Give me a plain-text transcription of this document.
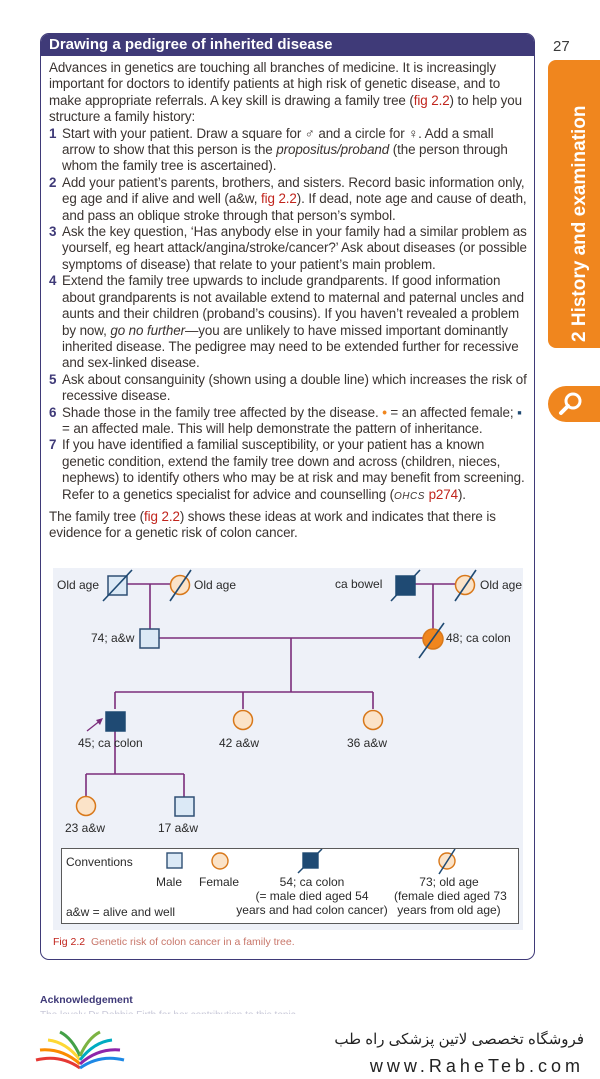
27
2 History and examination
Drawing a pedigree of inherited disease

Advances in genetics are touching all branches of medicine. It is increasingly important for doctors to identify patients at high risk of genetic disease, and to make appropriate referrals. A key skill is drawing a family tree (fig 2.2) to help you structure a family history:

1 Start with your patient. Draw a square for ♂ and a circle for ♀. Add a small arrow to show that this person is the propositus/proband (the person through whom the family tree is ascertained).
2 Add your patient’s parents, brothers, and sisters. Record basic information only, eg age and if alive and well (a&w, fig 2.2). If dead, note age and cause of death, and pass an oblique stroke through that person’s symbol.
3 Ask the key question, ‘Has anybody else in your family had a similar problem as yourself, eg heart attack/angina/stroke/cancer?’ Ask about diseases (or possible symptoms of disease) that relate to your patient’s main problem.
4 Extend the family tree upwards to include grandparents. If good information about grandparents is not available extend to maternal and paternal uncles and aunts and their children (proband’s cousins). If you haven’t revealed a problem by now, go no further—you are unlikely to have missed important dominantly inherited disease. The pedigree may need to be extended further for recessive and sex-linked disease.
5 Ask about consanguinity (shown using a double line) which increases the risk of recessive disease.
6 Shade those in the family tree affected by the disease. • = an affected female; ▪ = an affected male. This will help demonstrate the pattern of inheritance.
7 If you have identified a familial susceptibility, or your patient has a known genetic condition, extend the family tree down and across (children, nieces, nephews) to identify others who may be at risk and may benefit from screening. Refer to a genetics specialist for advice and counselling (OHCS p274).

The family tree (fig 2.2) shows these ideas at work and indicates that there is evidence for a genetic risk of colon cancer.

Old age	Old age	ca bowel	Old age
74; a&w	48; ca colon
45; ca colon	42 a&w	36 a&w
23 a&w	17 a&w
Conventions
Male Female	54; ca colon
(= male died aged 54
years and had colon cancer)
73; old age
(female died aged 73
years from old age)
a&w = alive and well
Fig 2.2 Genetic risk of colon cancer in a family tree.
Acknowledgement
فروشگاه تخصصی لاتین پزشکی راه طب
www.RaheTeb.com
